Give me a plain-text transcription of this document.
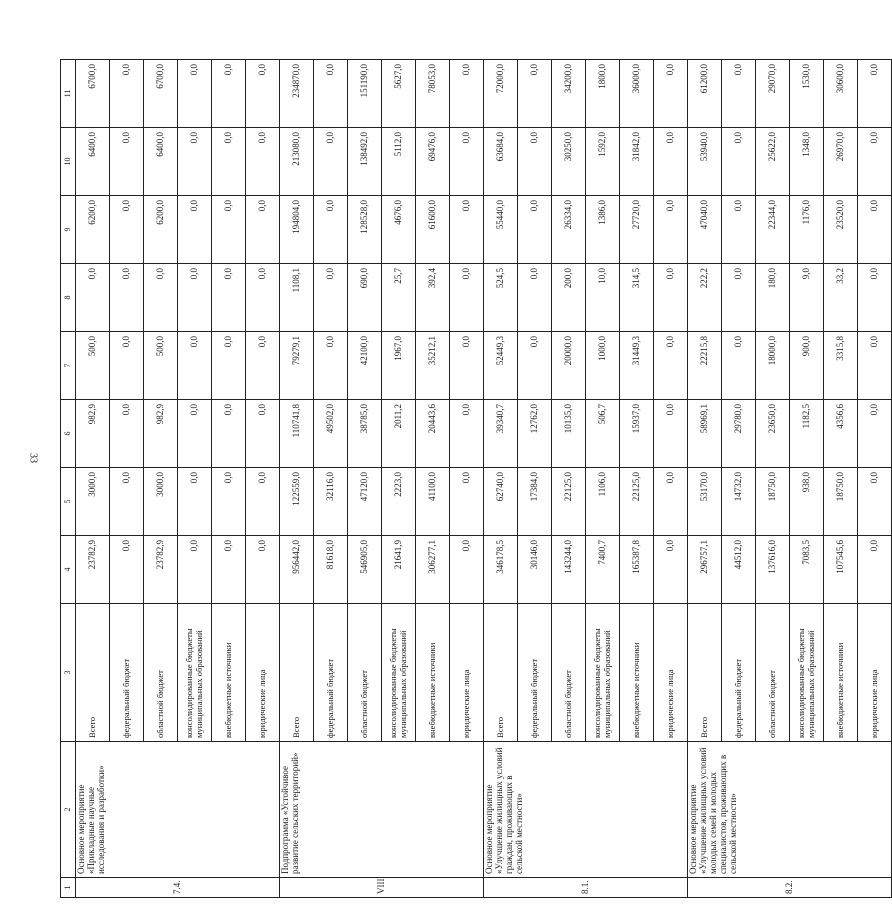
33
1	2	3	4	5	6	7	8	9	10	11
7.4.	Основное мероприятие «Прикладные научные исследования и разработки»	Всего	23782,9	3000,0	982,9	500,0	0,0	6200,0	6400,0	6700,0
		федеральный бюджет	0,0	0,0	0,0	0,0	0,0	0,0	0,0	0,0
		областной бюджет	23782,9	3000,0	982,9	500,0	0,0	6200,0	6400,0	6700,0
		консолидированные бюджеты муниципальных образований	0,0	0,0	0,0	0,0	0,0	0,0	0,0	0,0
		внебюджетные источники	0,0	0,0	0,0	0,0	0,0	0,0	0,0	0,0
		юридические лица	0,0	0,0	0,0	0,0	0,0	0,0	0,0	0,0
VIII	Подпрограмма «Устойчивое развитие сельских территорий»	Всего	956442,0	122559,0	110741,8	79279,1	1108,1	194804,0	213080,0	234870,0
		федеральный бюджет	81618,0	32116,0	49502,0	0,0	0,0	0,0	0,0	0,0
		областной бюджет	546905,0	47120,0	38785,0	42100,0	690,0	128528,0	138492,0	151190,0
		консолидированные бюджеты муниципальных образований	21641,9	2223,0	2011,2	1967,0	25,7	4676,0	5112,0	5627,0
		внебюджетные источники	306277,1	41100,0	20443,6	35212,1	392,4	61600,0	69476,0	78053,0
		юридические лица	0,0	0,0	0,0	0,0	0,0	0,0	0,0	0,0
8.1.	Основное мероприятие «Улучшение жилищных условий граждан, проживающих в сельской местности»	Всего	346178,5	62740,0	39340,7	52449,3	524,5	55440,0	63684,0	72000,0
		федеральный бюджет	30146,0	17384,0	12762,0	0,0	0,0	0,0	0,0	0,0
		областной бюджет	143244,0	22125,0	10135,0	20000,0	200,0	26334,0	30250,0	34200,0
		консолидированные бюджеты муниципальных образований	7400,7	1106,0	506,7	1000,0	10,0	1386,0	1592,0	1800,0
		внебюджетные источники	165387,8	22125,0	15937,0	31449,3	314,5	27720,0	31842,0	36000,0
		юридические лица	0,0	0,0	0,0	0,0	0,0	0,0	0,0	0,0
8.2.	Основное мероприятие «Улучшение жилищных условий молодых семей и молодых специалистов, проживающих в сельской местности»	Всего	296757,1	53170,0	58969,1	22215,8	222,2	47040,0	53940,0	61200,0
		федеральный бюджет	44512,0	14732,0	29780,0	0,0	0,0	0,0	0,0	0,0
		областной бюджет	137616,0	18750,0	23650,0	18000,0	180,0	22344,0	25622,0	29070,0
		консолидированные бюджеты муниципальных образований	7083,5	938,0	1182,5	900,0	9,0	1176,0	1348,0	1530,0
		внебюджетные источники	107545,6	18750,0	4356,6	3315,8	33,2	23520,0	26970,0	30600,0
		юридические лица	0,0	0,0	0,0	0,0	0,0	0,0	0,0	0,0
